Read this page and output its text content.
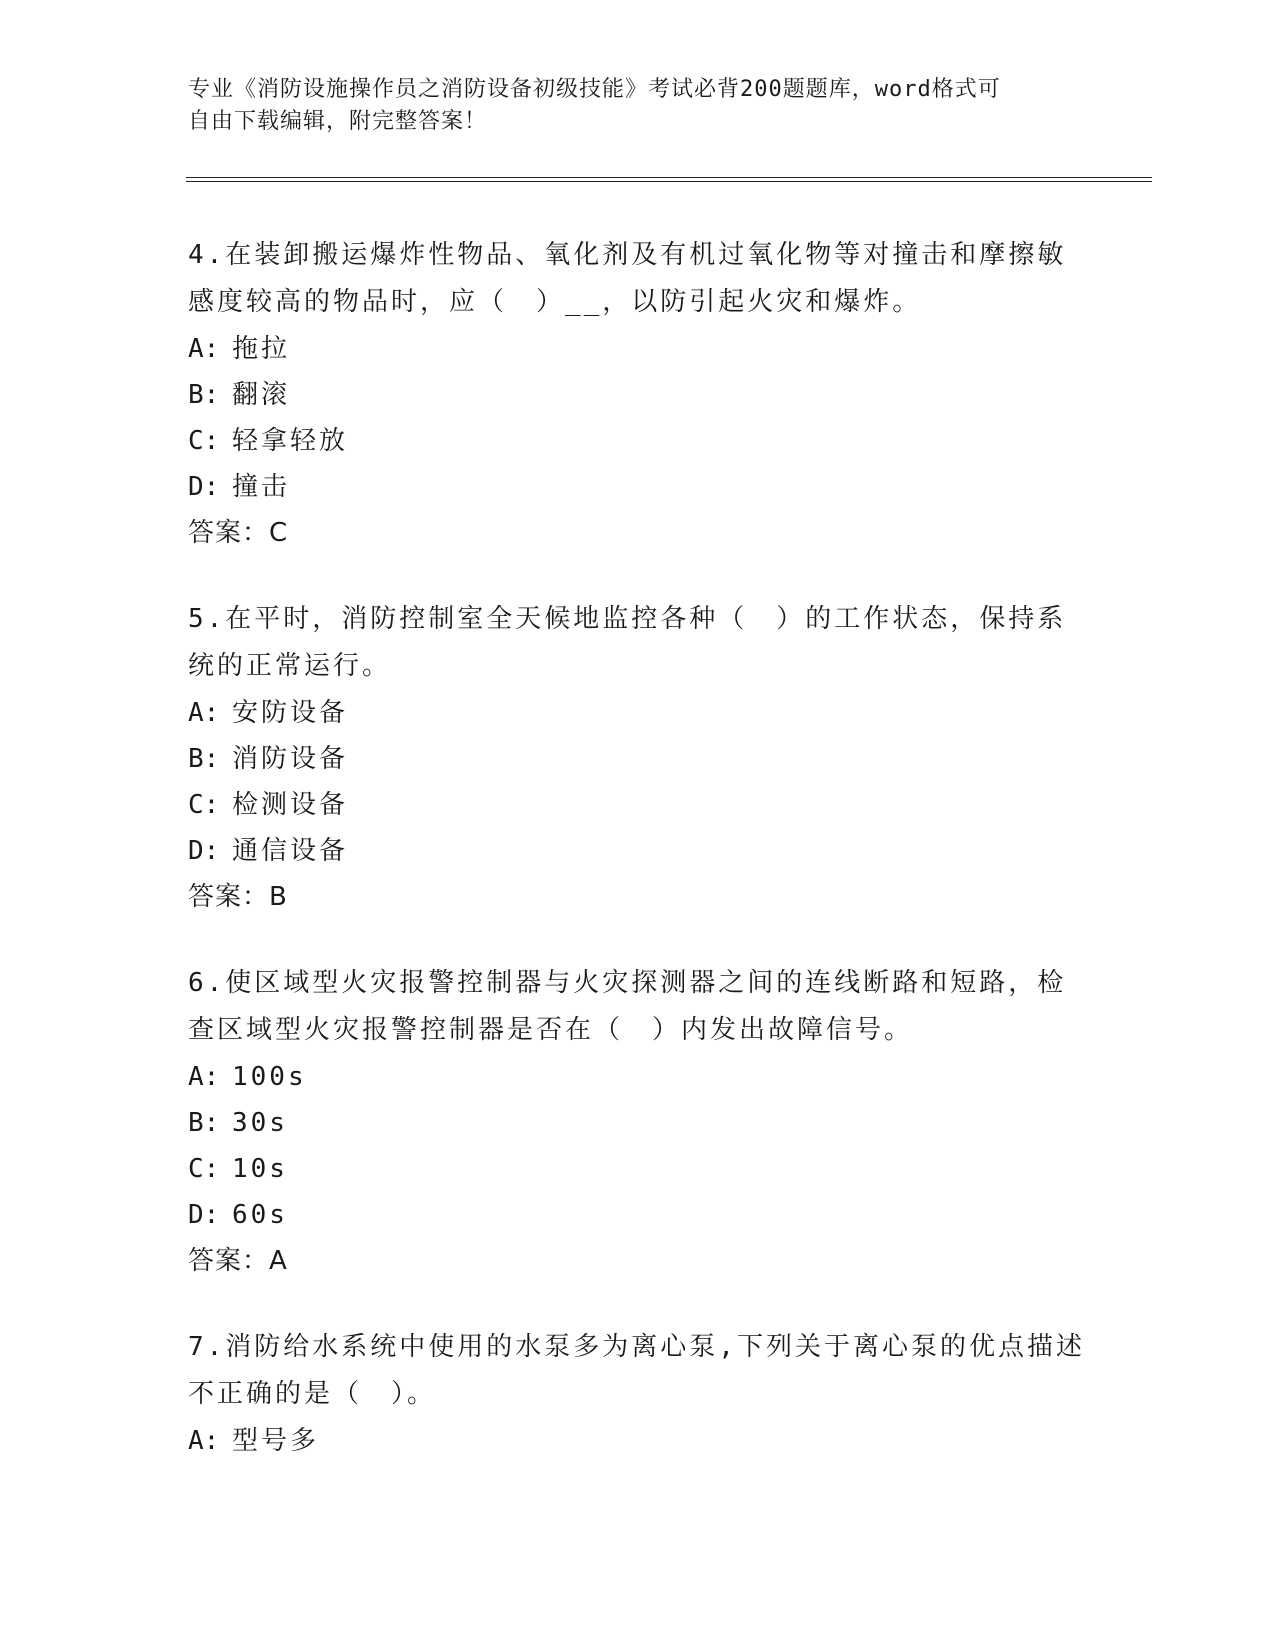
专业《消防设施操作员之消防设备初级技能》考试必背200题题库，word格式可
自由下载编辑，附完整答案！
4.在装卸搬运爆炸性物品、氧化剂及有机过氧化物等对撞击和摩擦敏
感度较高的物品时，应（　）__，以防引起火灾和爆炸。
A: 拖拉
B: 翻滚
C: 轻拿轻放
D: 撞击
答案：C
5.在平时，消防控制室全天候地监控各种（　）的工作状态，保持系
统的正常运行。
A: 安防设备
B: 消防设备
C: 检测设备
D: 通信设备
答案：B
6.使区域型火灾报警控制器与火灾探测器之间的连线断路和短路，检
查区域型火灾报警控制器是否在（　）内发出故障信号。
A: 100s
B: 30s
C: 10s
D: 60s
答案：A
7.消防给水系统中使用的水泵多为离心泵,下列关于离心泵的优点描述
不正确的是（　）。
A: 型号多
